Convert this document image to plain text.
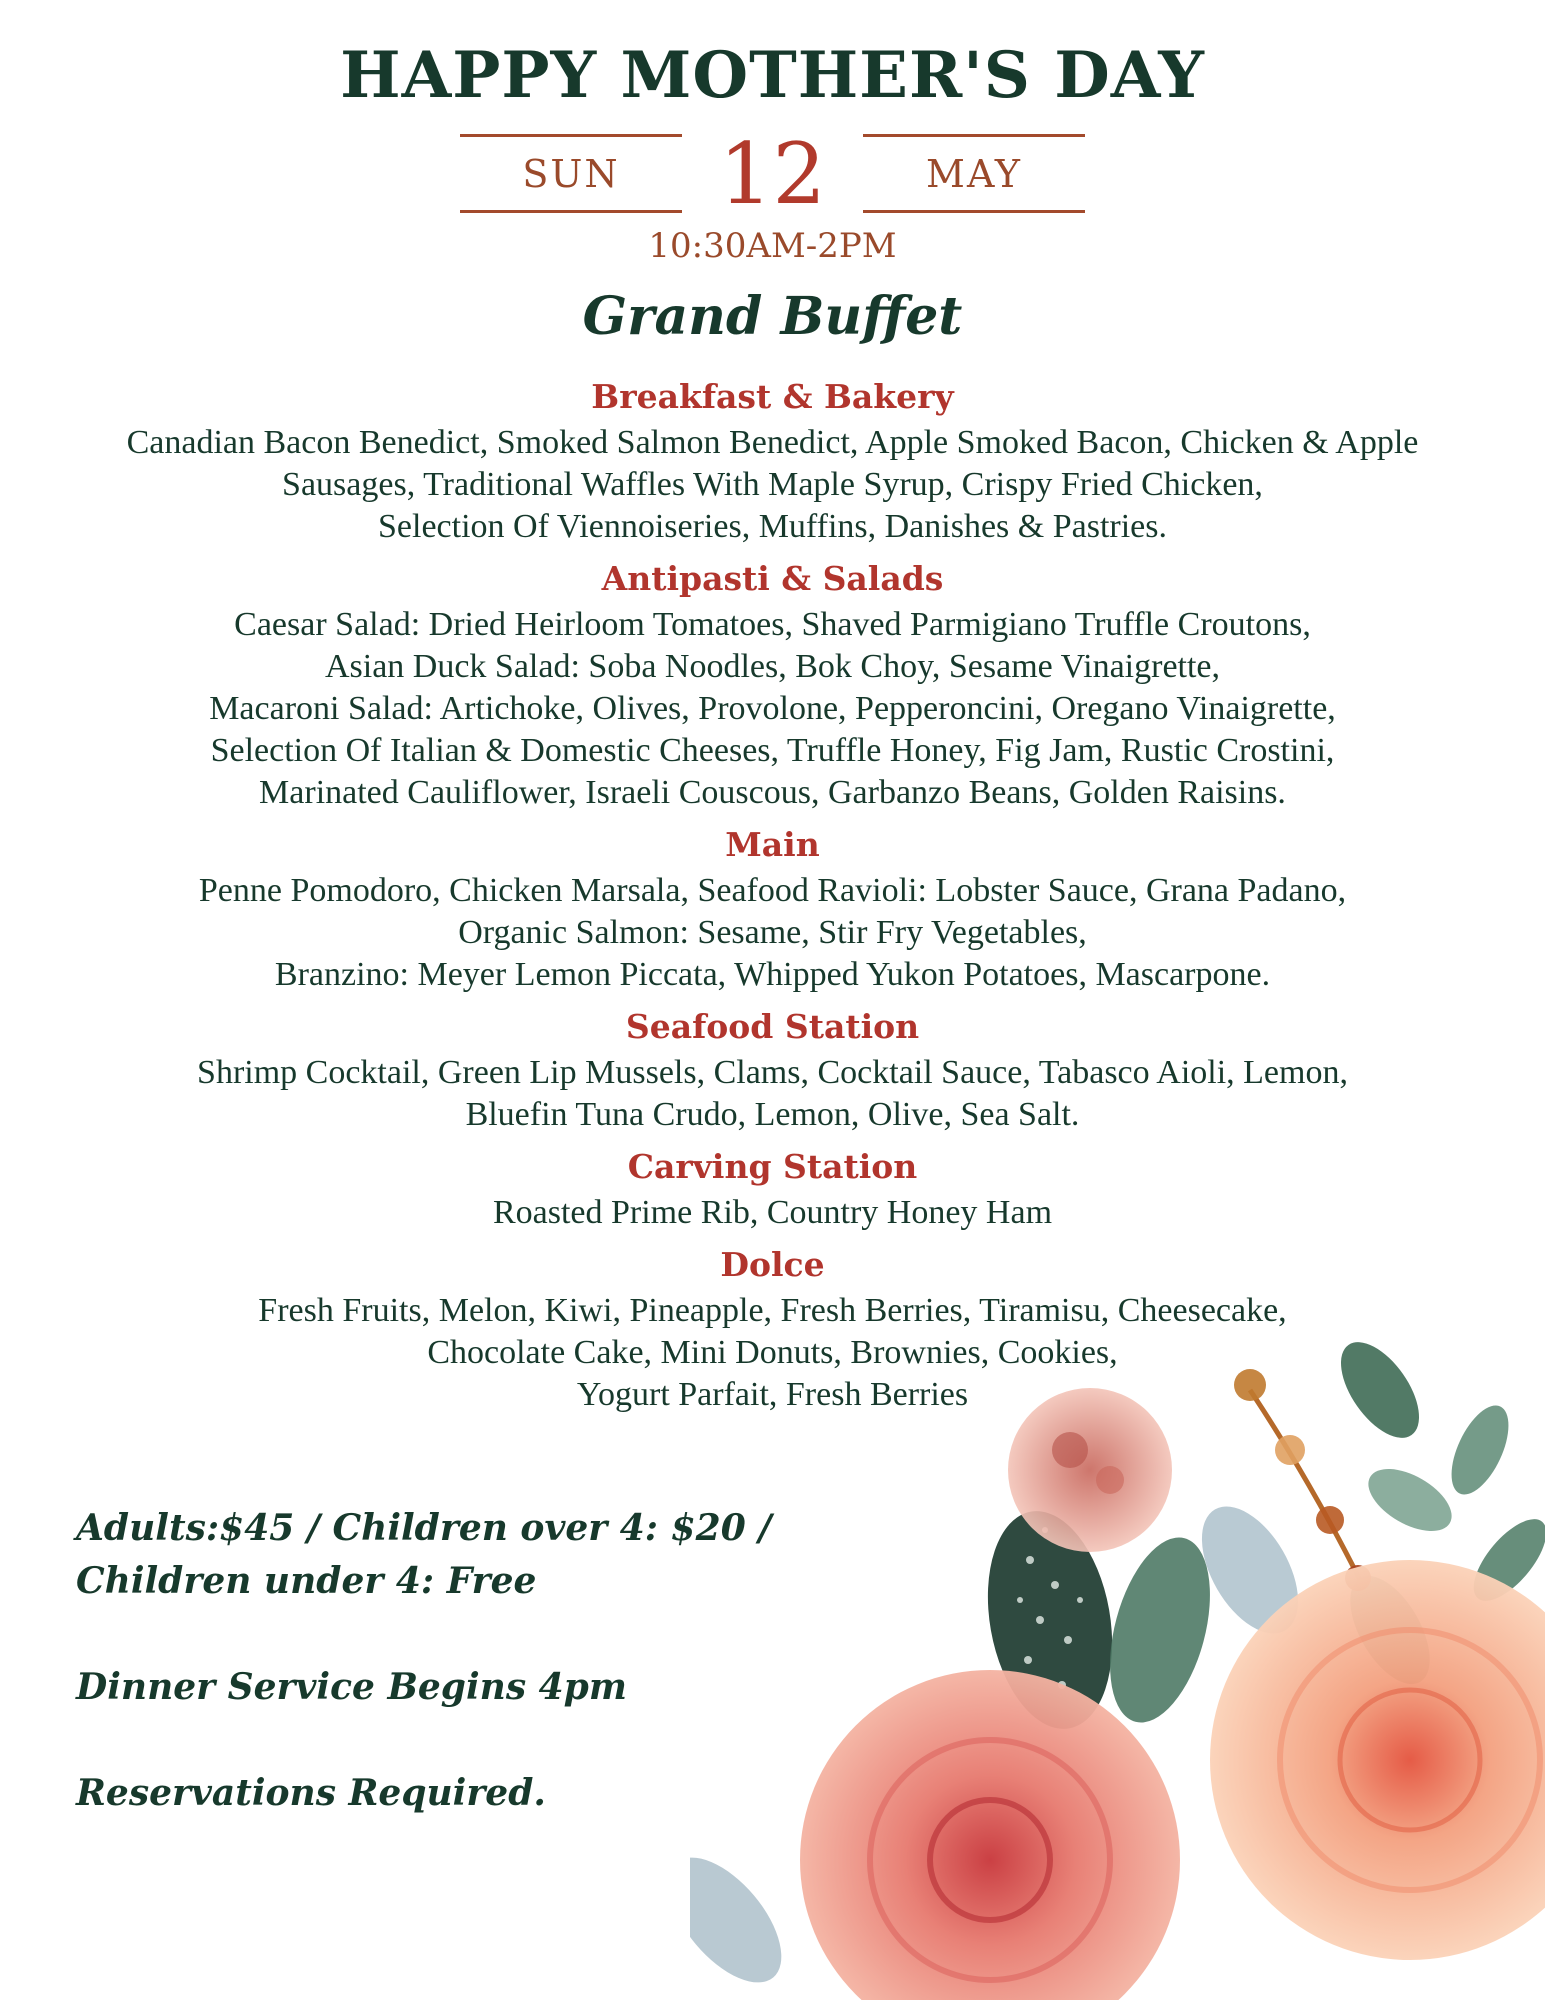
HAPPY MOTHER'S DAY
SUN	12	MAY
10:30AM-2PM
Grand Buffet
Breakfast & Bakery
Canadian Bacon Benedict, Smoked Salmon Benedict, Apple Smoked Bacon, Chicken & Apple
Sausages, Traditional Waffles With Maple Syrup, Crispy Fried Chicken,
Selection Of Viennoiseries, Muffins, Danishes & Pastries.
Antipasti & Salads
Caesar Salad: Dried Heirloom Tomatoes, Shaved Parmigiano Truffle Croutons,
Asian Duck Salad: Soba Noodles, Bok Choy, Sesame Vinaigrette,
Macaroni Salad: Artichoke, Olives, Provolone, Pepperoncini, Oregano Vinaigrette,
Selection Of Italian & Domestic Cheeses, Truffle Honey, Fig Jam, Rustic Crostini,
Marinated Cauliflower, Israeli Couscous, Garbanzo Beans, Golden Raisins.
Main
Penne Pomodoro, Chicken Marsala, Seafood Ravioli: Lobster Sauce, Grana Padano,
Organic Salmon: Sesame, Stir Fry Vegetables,
Branzino: Meyer Lemon Piccata, Whipped Yukon Potatoes, Mascarpone.
Seafood Station
Shrimp Cocktail, Green Lip Mussels, Clams, Cocktail Sauce, Tabasco Aioli, Lemon,
Bluefin Tuna Crudo, Lemon, Olive, Sea Salt.
Carving Station
Roasted Prime Rib, Country Honey Ham
Dolce
Fresh Fruits, Melon, Kiwi, Pineapple, Fresh Berries, Tiramisu, Cheesecake,
Chocolate Cake, Mini Donuts, Brownies, Cookies,
Yogurt Parfait, Fresh Berries
Adults:$45 / Children over 4: $20 /
Children under 4: Free
Dinner Service Begins 4pm
Reservations Required.
